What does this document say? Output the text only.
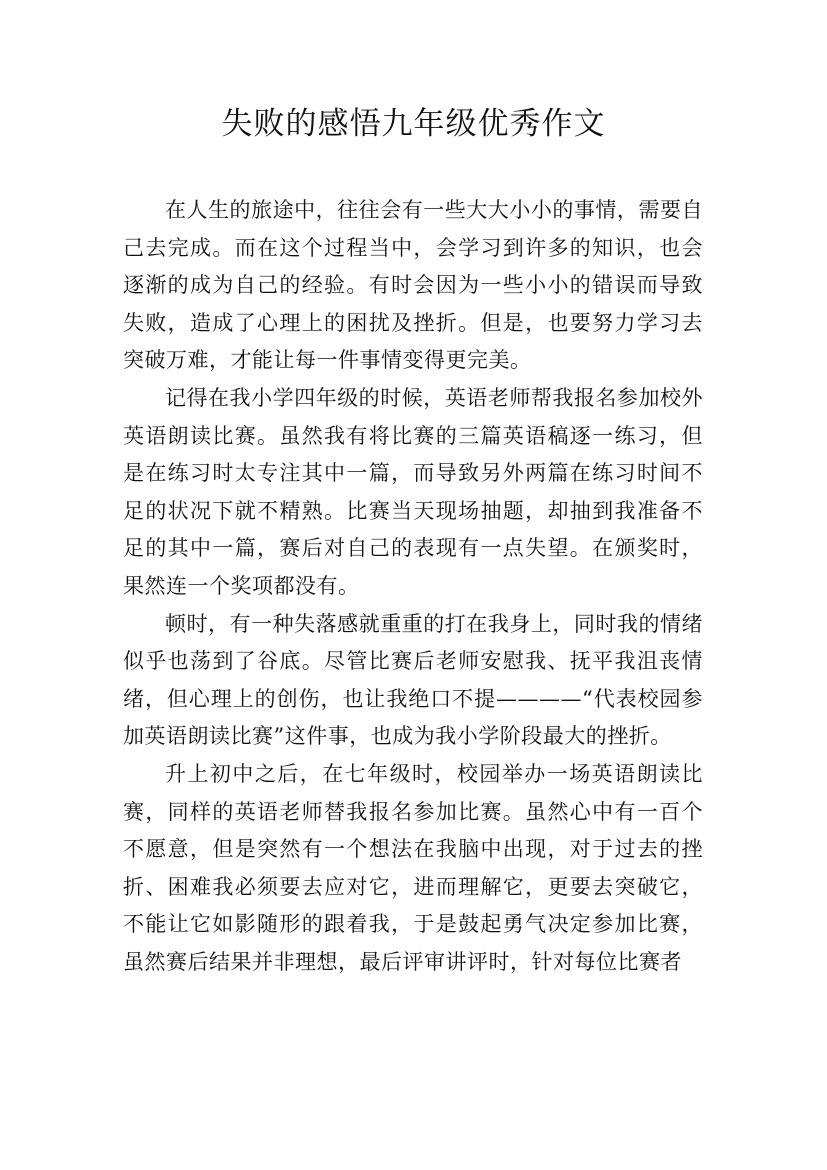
失败的感悟九年级优秀作文

在人生的旅途中，往往会有一些大大小小的事情，需要自己去完成。而在这个过程当中，会学习到许多的知识，也会逐渐的成为自己的经验。有时会因为一些小小的错误而导致失败，造成了心理上的困扰及挫折。但是，也要努力学习去突破万难，才能让每一件事情变得更完美。

记得在我小学四年级的时候，英语老师帮我报名参加校外英语朗读比赛。虽然我有将比赛的三篇英语稿逐一练习，但是在练习时太专注其中一篇，而导致另外两篇在练习时间不足的状况下就不精熟。比赛当天现场抽题，却抽到我准备不足的其中一篇，赛后对自己的表现有一点失望。在颁奖时，果然连一个奖项都没有。

顿时，有一种失落感就重重的打在我身上，同时我的情绪似乎也荡到了谷底。尽管比赛后老师安慰我、抚平我沮丧情绪，但心理上的创伤，也让我绝口不提————“代表校园参加英语朗读比赛”这件事，也成为我小学阶段最大的挫折。

升上初中之后，在七年级时，校园举办一场英语朗读比赛，同样的英语老师替我报名参加比赛。虽然心中有一百个不愿意，但是突然有一个想法在我脑中出现，对于过去的挫折、困难我必须要去应对它，进而理解它，更要去突破它，不能让它如影随形的跟着我，于是鼓起勇气决定参加比赛，虽然赛后结果并非理想，最后评审讲评时，针对每位比赛者
